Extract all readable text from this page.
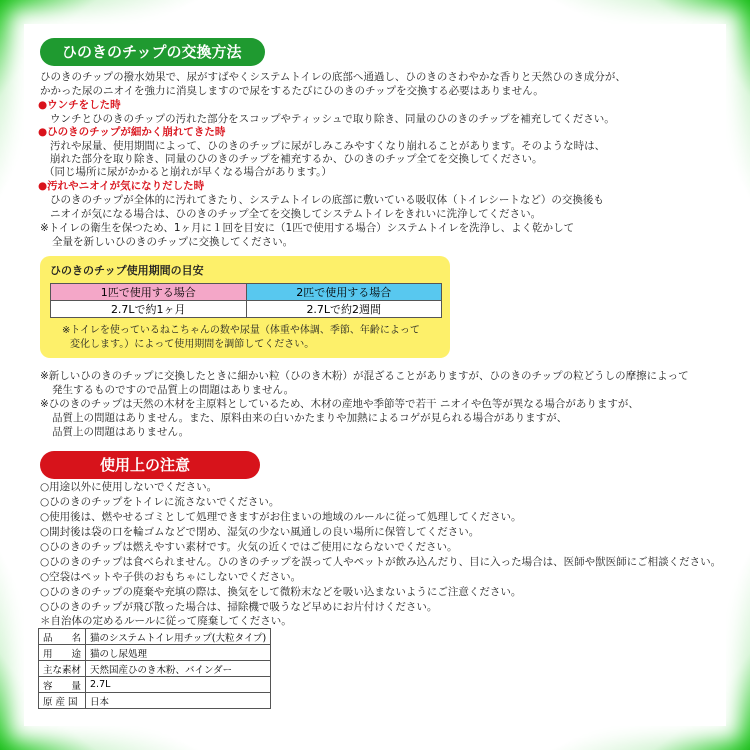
ひのきのチップの交換方法
ひのきのチップの撥水効果で、尿がすばやくシステムトイレの底部へ通過し、ひのきのさわやかな香りと天然ひのき成分が、
かかった尿のニオイを強力に消臭しますので尿をするたびにひのきのチップを交換する必要はありません。
●ウンチをした時
ウンチとひのきのチップの汚れた部分をスコップやティッシュで取り除き、同量のひのきのチップを補充してください。
●ひのきのチップが細かく崩れてきた時
汚れや尿量、使用期間によって、ひのきのチップに尿がしみこみやすくなり崩れることがあります。そのような時は、
崩れた部分を取り除き、同量のひのきのチップを補充するか、ひのきのチップ全てを交換してください。
（同じ場所に尿がかかると崩れが早くなる場合があります。）
●汚れやニオイが気になりだした時
ひのきのチップが全体的に汚れてきたり、システムトイレの底部に敷いている吸収体（トイレシートなど）の交換後も
ニオイが気になる場合は、ひのきのチップ全てを交換してシステムトイレをきれいに洗浄してください。
※トイレの衛生を保つため、1ヶ月に１回を目安に（1匹で使用する場合）システムトイレを洗浄し、よく乾かして
全量を新しいひのきのチップに交換してください。
ひのきのチップ使用期間の目安
1匹で使用する場合	2匹で使用する場合
2.7Lで約1ヶ月	2.7Lで約2週間
※トイレを使っているねこちゃんの数や尿量（体重や体調、季節、年齢によって
変化します。）によって使用期間を調節してください。
※新しいひのきのチップに交換したときに細かい粒（ひのき木粉）が混ざることがありますが、ひのきのチップの粒どうしの摩擦によって
発生するものですので品質上の問題はありません。
※ひのきのチップは天然の木材を主原料としているため、木材の産地や季節等で若干 ニオイや色等が異なる場合がありますが、
品質上の問題はありません。また、原料由来の白いかたまりや加熱によるコゲが見られる場合がありますが、
品質上の問題はありません。
使用上の注意
○用途以外に使用しないでください。
○ひのきのチップをトイレに流さないでください。
○使用後は、燃やせるゴミとして処理できますがお住まいの地域のルールに従って処理してください。
○開封後は袋の口を輪ゴムなどで閉め、湿気の少ない風通しの良い場所に保管してください。
○ひのきのチップは燃えやすい素材です。火気の近くではご使用にならないでください。
○ひのきのチップは食べられません。ひのきのチップを誤って人やペットが飲み込んだり、目に入った場合は、医師や獣医師にご相談ください。
○空袋はペットや子供のおもちゃにしないでください。
○ひのきのチップの廃棄や充填の際は、換気をして微粉末などを吸い込まないようにご注意ください。
○ひのきのチップが飛び散った場合は、掃除機で吸うなど早めにお片付けください。
＊自治体の定めるルールに従って廃棄してください。
品　　名	猫のシステムトイレ用チップ(大粒タイプ)
用　　途	猫のし尿処理
主な素材	天然国産ひのき木粉、バインダー
容　　量	2.7L
原 産 国	日本
